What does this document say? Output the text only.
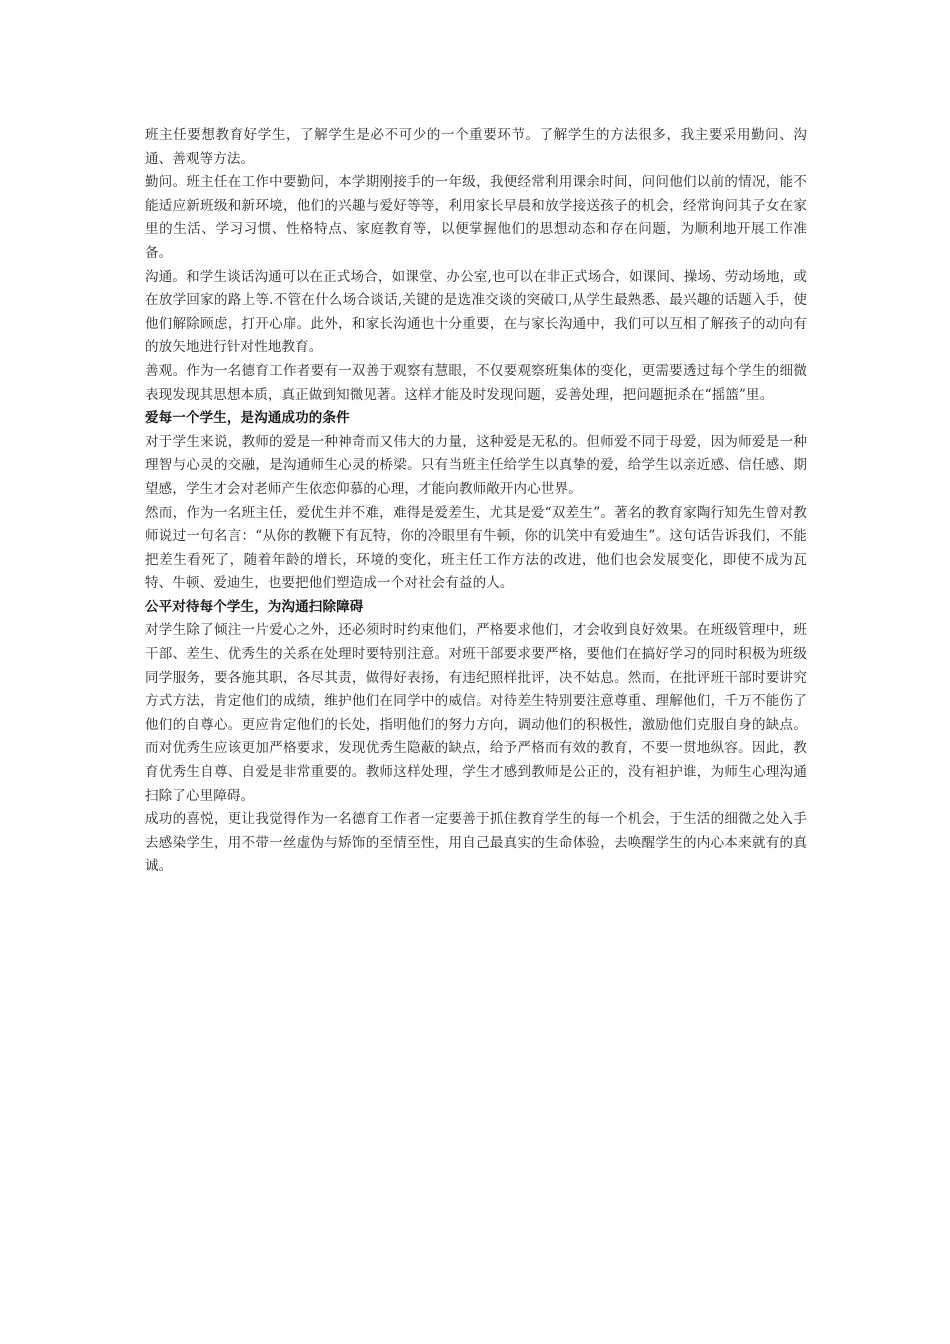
班主任要想教育好学生，了解学生是必不可少的一个重要环节。了解学生的方法很多，我主要采用勤问、沟通、善观等方法。

勤问。班主任在工作中要勤问，本学期刚接手的一年级，我便经常利用课余时间，问问他们以前的情况，能不能适应新班级和新环境，他们的兴趣与爱好等等，利用家长早晨和放学接送孩子的机会，经常询问其子女在家里的生活、学习习惯、性格特点、家庭教育等，以便掌握他们的思想动态和存在问题，为顺利地开展工作准备。

沟通。和学生谈话沟通可以在正式场合，如课堂、办公室,也可以在非正式场合，如课间、操场、劳动场地，或在放学回家的路上等.不管在什么场合谈话,关键的是选准交谈的突破口,从学生最熟悉、最兴趣的话题入手，使他们解除顾虑，打开心扉。此外，和家长沟通也十分重要，在与家长沟通中，我们可以互相了解孩子的动向有的放矢地进行针对性地教育。

善观。作为一名德育工作者要有一双善于观察有慧眼，不仅要观察班集体的变化，更需要透过每个学生的细微表现发现其思想本质，真正做到知微见著。这样才能及时发现问题，妥善处理，把问题扼杀在“摇篮”里。

爱每一个学生，是沟通成功的条件

对于学生来说，教师的爱是一种神奇而又伟大的力量，这种爱是无私的。但师爱不同于母爱，因为师爱是一种理智与心灵的交融，是沟通师生心灵的桥梁。只有当班主任给学生以真挚的爱，给学生以亲近感、信任感、期望感，学生才会对老师产生依恋仰慕的心理，才能向教师敞开内心世界。

然而，作为一名班主任，爱优生并不难，难得是爱差生，尤其是爱“双差生”。著名的教育家陶行知先生曾对教师说过一句名言：“从你的教鞭下有瓦特，你的冷眼里有牛顿，你的讥笑中有爱迪生”。这句话告诉我们，不能把差生看死了，随着年龄的增长，环境的变化，班主任工作方法的改进，他们也会发展变化，即使不成为瓦特、牛顿、爱迪生，也要把他们塑造成一个对社会有益的人。

公平对待每个学生，为沟通扫除障碍

对学生除了倾注一片爱心之外，还必须时时约束他们，严格要求他们，才会收到良好效果。在班级管理中，班干部、差生、优秀生的关系在处理时要特别注意。对班干部要求要严格，要他们在搞好学习的同时积极为班级同学服务，要各施其职，各尽其责，做得好表扬，有违纪照样批评，决不姑息。然而，在批评班干部时要讲究方式方法，肯定他们的成绩，维护他们在同学中的威信。对待差生特别要注意尊重、理解他们，千万不能伤了他们的自尊心。更应肯定他们的长处，指明他们的努力方向，调动他们的积极性，激励他们克服自身的缺点。而对优秀生应该更加严格要求，发现优秀生隐蔽的缺点，给予严格而有效的教育，不要一贯地纵容。因此，教育优秀生自尊、自爱是非常重要的。教师这样处理，学生才感到教师是公正的，没有袒护谁，为师生心理沟通扫除了心里障碍。

成功的喜悦，更让我觉得作为一名德育工作者一定要善于抓住教育学生的每一个机会，于生活的细微之处入手去感染学生，用不带一丝虚伪与矫饰的至情至性，用自己最真实的生命体验，去唤醒学生的内心本来就有的真诚。
